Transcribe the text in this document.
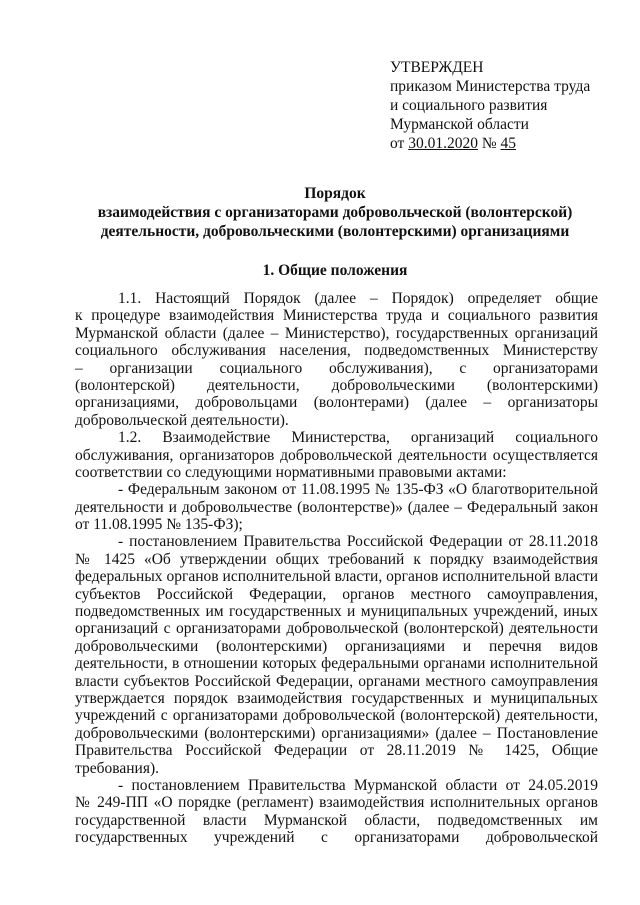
УТВЕРЖДЕН
приказом Министерства труда
и социального развития
Мурманской области
от 30.01.2020 № 45
Порядок
взаимодействия с организаторами добровольческой (волонтерской)
деятельности, добровольческими (волонтерскими) организациями
1. Общие положения
1.1. Настоящий Порядок (далее – Порядок) определяет общие
к процедуре взаимодействия Министерства труда и социального развития
Мурманской области (далее – Министерство), государственных организаций
социального обслуживания населения, подведомственных Министерству
– организации социального обслуживания), с организаторами
(волонтерской) деятельности, добровольческими (волонтерскими)
организациями, добровольцами (волонтерами) (далее – организаторы
добровольческой деятельности).
1.2. Взаимодействие Министерства, организаций социального
обслуживания, организаторов добровольческой деятельности осуществляется
соответствии со следующими нормативными правовыми актами:
- Федеральным законом от 11.08.1995 № 135-ФЗ «О благотворительной
деятельности и добровольчестве (волонтерстве)» (далее – Федеральный закон
от 11.08.1995 № 135-ФЗ);
- постановлением Правительства Российской Федерации от 28.11.2018
№ 1425 «Об утверждении общих требований к порядку взаимодействия
федеральных органов исполнительной власти, органов исполнительной власти
субъектов Российской Федерации, органов местного самоуправления,
подведомственных им государственных и муниципальных учреждений, иных
организаций с организаторами добровольческой (волонтерской) деятельности
добровольческими (волонтерскими) организациями и перечня видов
деятельности, в отношении которых федеральными органами исполнительной
власти субъектов Российской Федерации, органами местного самоуправления
утверждается порядок взаимодействия государственных и муниципальных
учреждений с организаторами добровольческой (волонтерской) деятельности,
добровольческими (волонтерскими) организациями» (далее – Постановление
Правительства Российской Федерации от 28.11.2019 № 1425, Общие
требования).
- постановлением Правительства Мурманской области от 24.05.2019
№ 249-ПП «О порядке (регламент) взаимодействия исполнительных органов
государственной власти Мурманской области, подведомственных им
государственных учреждений с организаторами добровольческой
